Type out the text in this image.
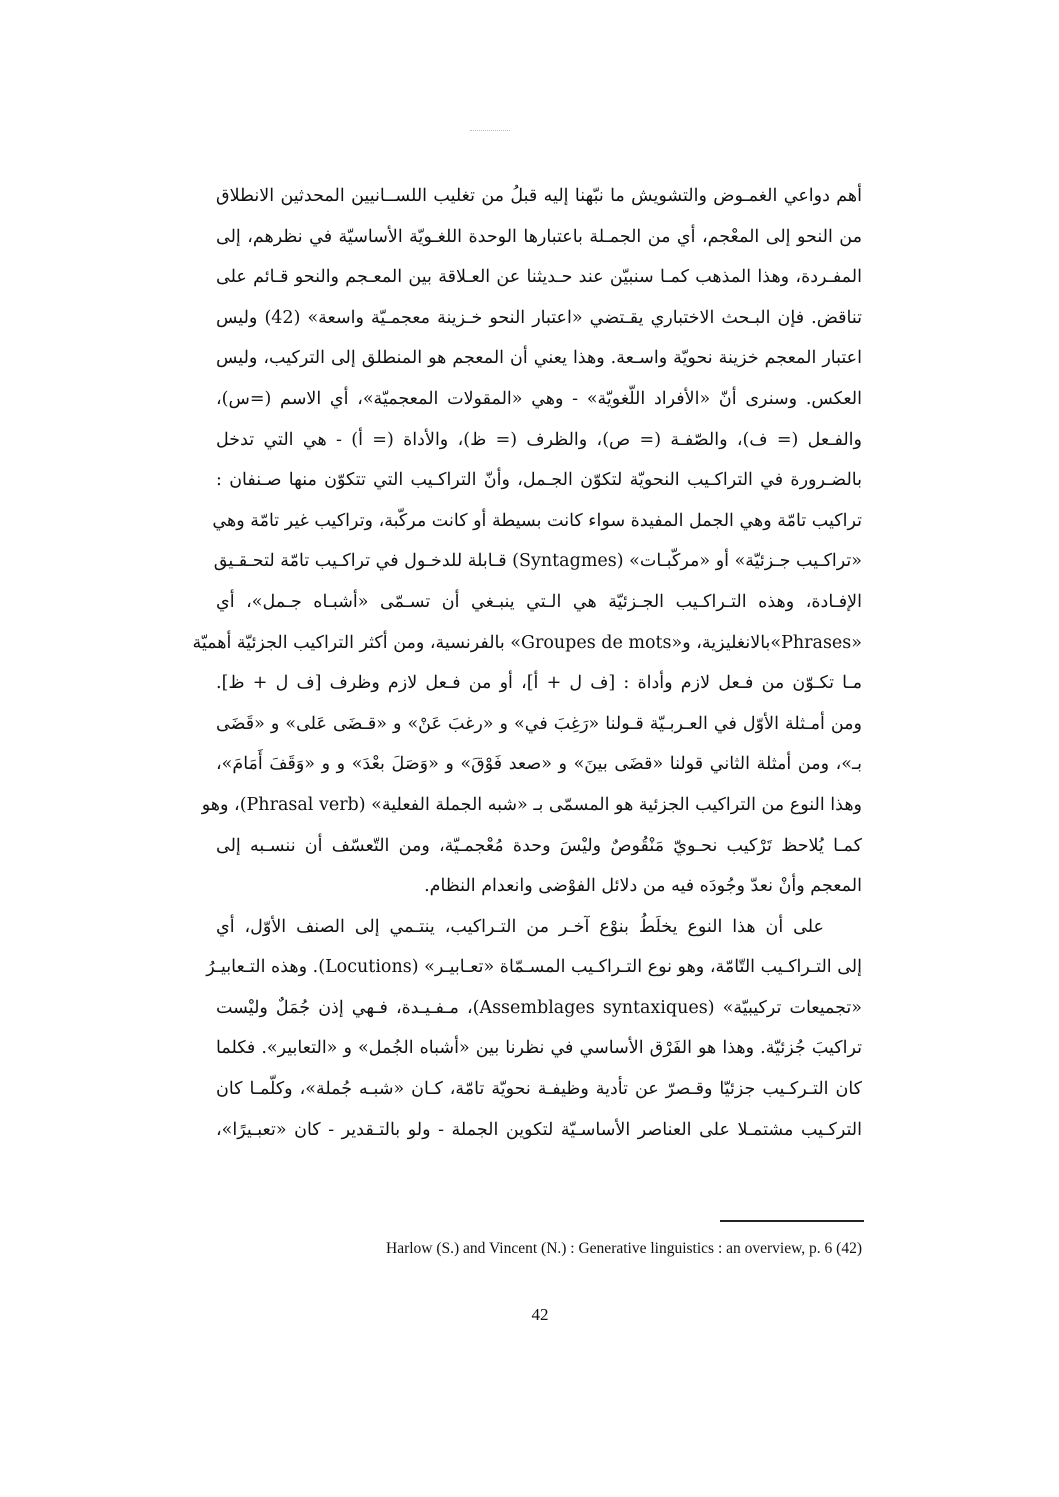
أهم دواعي الغمـوض والتشويش ما نبّهنا إليه قبلُ من تغليب اللســانيين المحدثين الانطلاق
من النحو إلى المعْجم، أي من الجمـلة باعتبارها الوحدة اللغـويّة الأساسيّة في نظرهم، إلى
المفـردة، وهذا المذهب كمـا سنبيّن عند حـديثنا عن العـلاقة بين المعـجم والنحو قـائم على
تناقض. فإن البـحث الاختباري يقـتضي «اعتبار النحو خـزينة معجمـيّة واسعة» (42) وليس
اعتبار المعجم خزينة نحويّة واسـعة. وهذا يعني أن المعجم هو المنطلق إلى التركيب، وليس
العكس. وسنرى أنّ «الأفراد اللّغويّة» - وهي «المقولات المعجميّة»، أي الاسم (=س)،
والفـعل (= ف)، والصّفـة (= ص)، والظرف (= ظ)، والأداة (= أ) - هي التي تدخل
بالضـرورة في التراكـيب النحويّة لتكوّن الجـمل، وأنّ التراكـيب التي تتكوّن منها صـنفان :
تراكيب تامّة وهي الجمل المفيدة سواء كانت بسيطة أو كانت مركّبة، وتراكيب غير تامّة وهي
«تراكـيب جـزئيّة» أو «مركّبـات» (Syntagmes) قـابلة للدخـول في تراكـيب تامّة لتحـقـيق
الإفـادة، وهذه التـراكـيب الجـزئيّة هي الـتي ينبـغي أن تسـمّى «أشبـاه جـمل»، أي
«Phrases»بالانغليزية، و«Groupes de mots» بالفرنسية، ومن أكثر التراكيب الجزئيّة أهميّة
مـا تكـوّن من فـعل لازم وأداة : [ف ل + أ]، أو من فـعل لازم وظرف [ف ل + ظ].
ومن أمـثلة الأوّل في العـربـيّة قـولنا «رَغِبَ في» و «رغبَ عَنْ» و «قـضَى عَلى» و «قَضَى
بـ»، ومن أمثلة الثاني قولنا «قضَى بينَ» و «صعد فَوْقَ» و «وَصَلَ بعْدَ» و و «وَقَفَ أَمَامَ»،
وهذا النوع من التراكيب الجزئية هو المسمّى بـ «شبه الجملة الفعلية» (Phrasal verb)، وهو
كمـا يُلاحظ تَرْكيب نحـويّ مَنْقُوصٌ وليْسَ وحدة مُعْجمـيّة، ومن التّعسّف أن ننسـبه إلى
المعجم وأنْ نعدّ وجُودَه فيه من دلائل الفوْضى وانعدام النظام.

على أن هذا النوع يخلَطُ بنوْع آخـر من التـراكيب، ينتـمي إلى الصنف الأوّل، أي
إلى التـراكـيب التّامّة، وهو نوع التـراكـيب المسـمّاة «تعـابيـر» (Locutions). وهذه التـعابيـرُ
«تجميعات تركيبيّة» (Assemblages syntaxiques)، مـفـيـدة، فـهي إذن جُمَلٌ وليْست
تراكيبَ جُزئيّة. وهذا هو الفَرْق الأساسي في نظرنا بين «أشباه الجُمل» و «التعابير». فكلما
كان التـركـيب جزئيّا وقـصرّ عن تأدية وظيفـة نحويّة تامّة، كـان «شبـه جُملة»، وكلّمـا كان
التركـيب مشتمـلا على العناصر الأساسـيّة لتكوين الجملة - ولو بالتـقدير - كان «تعبـيرًا»،

Harlow (S.) and Vincent (N.) : Generative linguistics : an overview, p. 6 (42)
42
